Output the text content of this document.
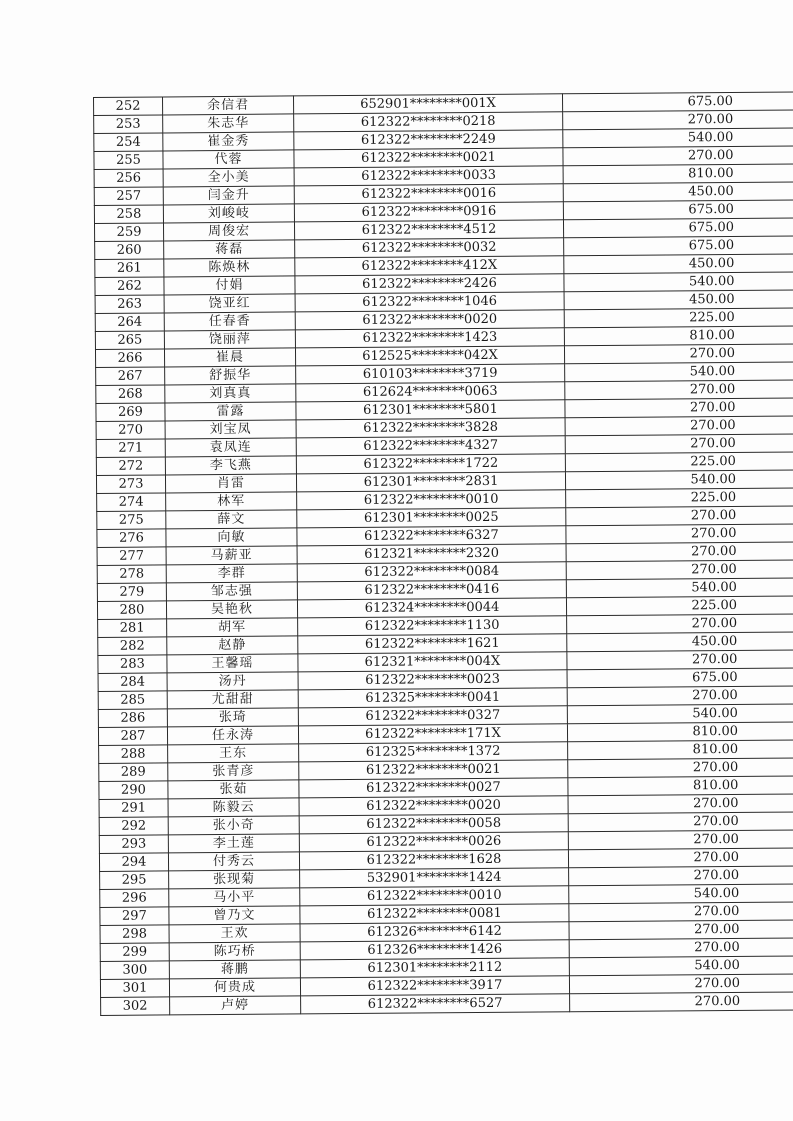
252	余信君	652901********001X	675.00
253	朱志华	612322********0218	270.00
254	崔金秀	612322********2249	540.00
255	代蓉	612322********0021	270.00
256	全小美	612322********0033	810.00
257	闫金升	612322********0016	450.00
258	刘峻岐	612322********0916	675.00
259	周俊宏	612322********4512	675.00
260	蒋磊	612322********0032	675.00
261	陈焕林	612322********412X	450.00
262	付娟	612322********2426	540.00
263	饶亚红	612322********1046	450.00
264	任春香	612322********0020	225.00
265	饶丽萍	612322********1423	810.00
266	崔晨	612525********042X	270.00
267	舒振华	610103********3719	540.00
268	刘真真	612624********0063	270.00
269	雷露	612301********5801	270.00
270	刘宝凤	612322********3828	270.00
271	袁凤连	612322********4327	270.00
272	李飞燕	612322********1722	225.00
273	肖雷	612301********2831	540.00
274	林军	612322********0010	225.00
275	薛文	612301********0025	270.00
276	向敏	612322********6327	270.00
277	马薪亚	612321********2320	270.00
278	李群	612322********0084	270.00
279	邹志强	612322********0416	540.00
280	吴艳秋	612324********0044	225.00
281	胡军	612322********1130	270.00
282	赵静	612322********1621	450.00
283	王馨瑶	612321********004X	270.00
284	汤丹	612322********0023	675.00
285	尤甜甜	612325********0041	270.00
286	张琦	612322********0327	540.00
287	任永涛	612322********171X	810.00
288	王东	612325********1372	810.00
289	张青彦	612322********0021	270.00
290	张茹	612322********0027	810.00
291	陈毅云	612322********0020	270.00
292	张小奇	612322********0058	270.00
293	李土莲	612322********0026	270.00
294	付秀云	612322********1628	270.00
295	张现菊	532901********1424	270.00
296	马小平	612322********0010	540.00
297	曾乃文	612322********0081	270.00
298	王欢	612326********6142	270.00
299	陈巧桥	612326********1426	270.00
300	蒋鹏	612301********2112	540.00
301	何贵成	612322********3917	270.00
302	卢婷	612322********6527	270.00
